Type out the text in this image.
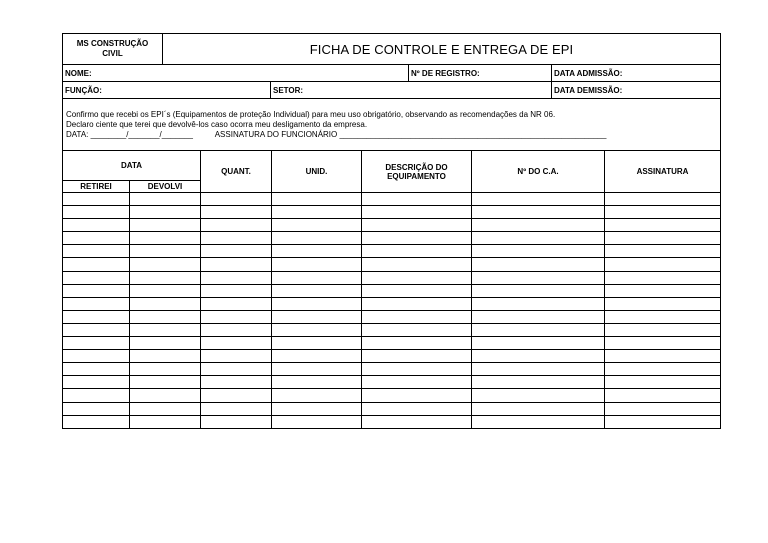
MS CONSTRUÇÃO
CIVIL	FICHA DE CONTROLE E ENTREGA DE EPI		
NOME:		Nº DE REGISTRO:	DATA ADMISSÃO:
FUNÇÃO:	SETOR:	DATA DEMISSÃO:

Confirmo que recebi os EPI´s (Equipamentos de proteção Individual) para meu uso obrigatório, observando as recomendações da NR 06.
Declaro ciente que terei que devolvê-los caso ocorra meu desligamento da empresa.
DATA: ________/_______/_______	ASSINATURA DO FUNCIONÁRIO ____________________________________________________________
DATA		QUANT.	UNID.	DESCRIÇÃO DO EQUIPAMENTO	Nº DO C.A.	ASSINATURA
RETIREI	DEVOLVI					
